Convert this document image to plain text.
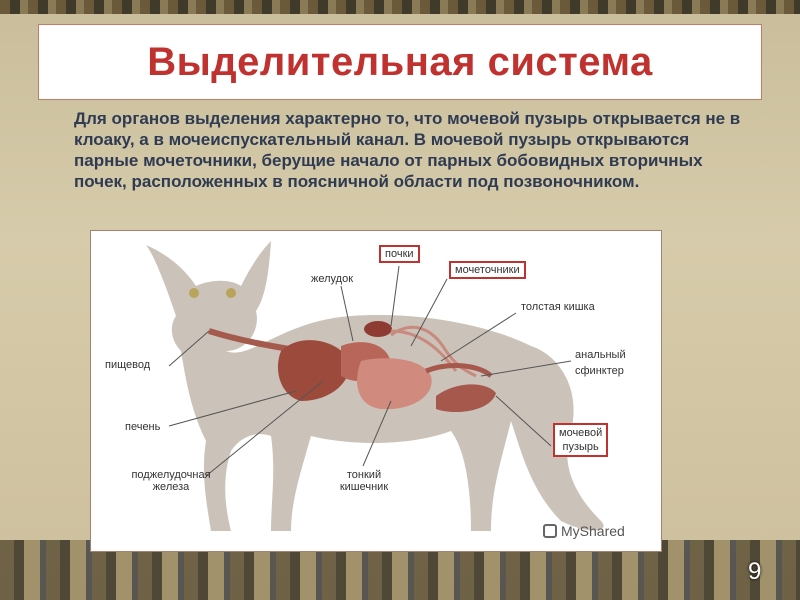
Выделительная система
Для органов выделения характерно то, что мочевой пузырь открывается не в клоаку, а в мочеиспускательный канал. В мочевой пузырь открываются парные мочеточники, берущие начало от парных бобовидных вторичных почек, расположенных в поясничной области под позвоночником.
желудок
почки
мочеточники
толстая кишка
пищевод
анальный
сфинктер
печень	мочевой
пузырь
поджелудочная
железа
тонкий
кишечник
MyShared
9
